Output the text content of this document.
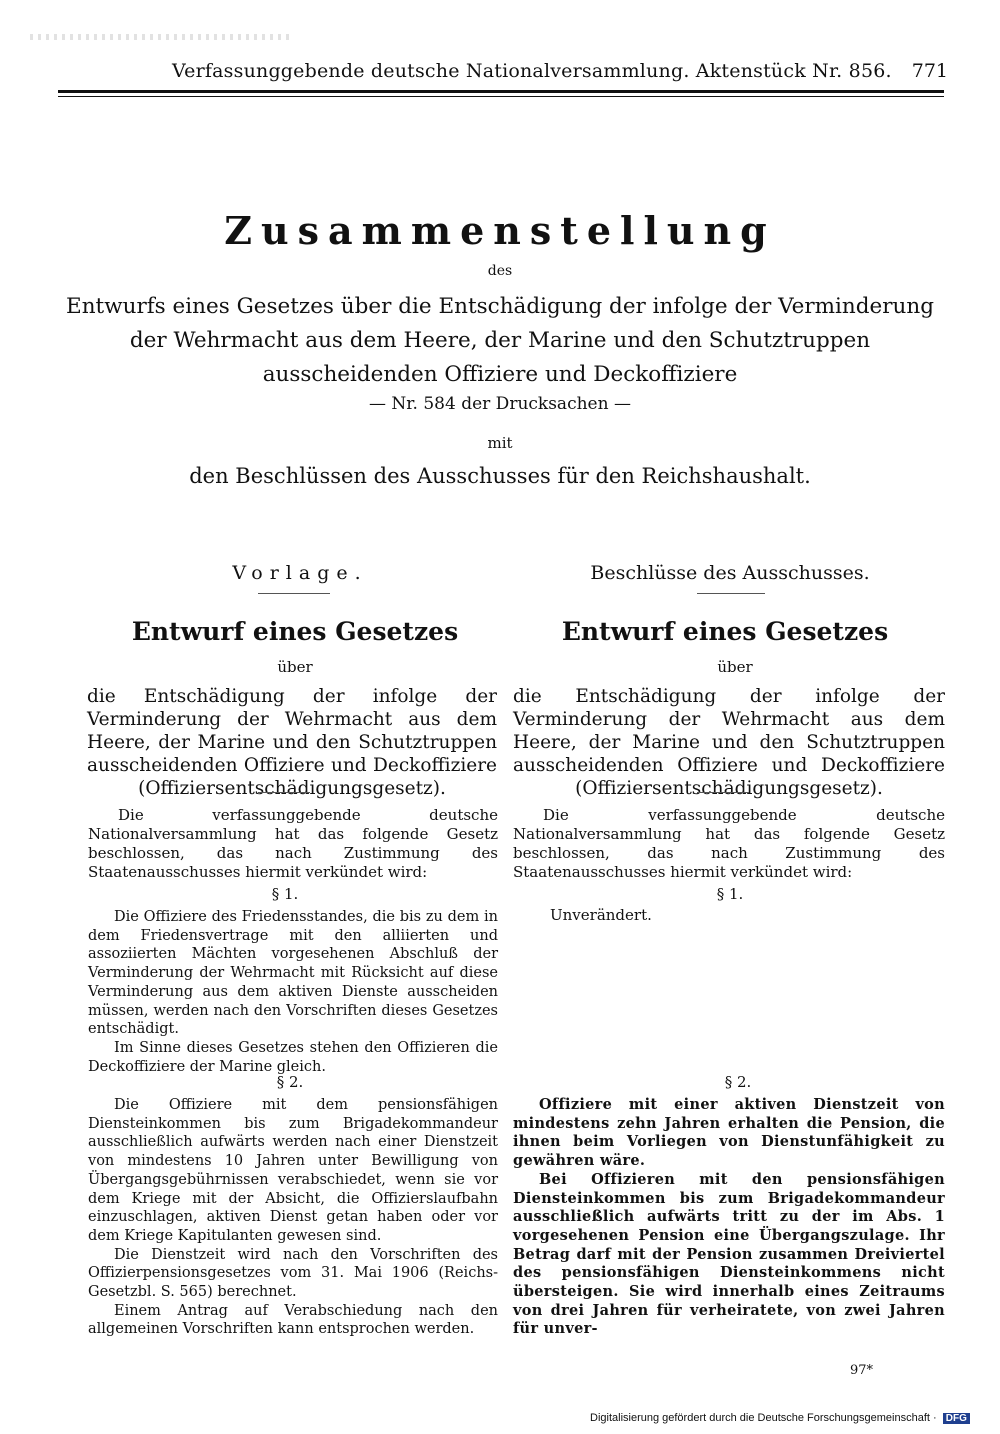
Verfassunggebende deutsche Nationalversammlung. Aktenstück Nr. 856.	771
Zusammenstellung
des
Entwurfs eines Gesetzes über die Entschädigung der infolge der Verminderung der Wehrmacht aus dem Heere, der Marine und den Schutztruppen ausscheidenden Offiziere und Deckoffiziere
— Nr. 584 der Drucksachen —
mit
den Beschlüssen des Ausschusses für den Reichshaushalt.
Vorlage.
Entwurf eines Gesetzes
über
die Entschädigung der infolge der Verminderung der Wehrmacht aus dem Heere, der Marine und den Schutztruppen ausscheidenden Offiziere und Deckoffiziere (Offiziersentschädigungsgesetz).
Die verfassunggebende deutsche Nationalversammlung hat das folgende Gesetz beschlossen, das nach Zustimmung des Staatenausschusses hiermit verkündet wird:
§ 1.

Die Offiziere des Friedensstandes, die bis zu dem in dem Friedensvertrage mit den alliierten und assoziierten Mächten vorgesehenen Abschluß der Verminderung der Wehrmacht mit Rücksicht auf diese Verminderung aus dem aktiven Dienste ausscheiden müssen, werden nach den Vorschriften dieses Gesetzes entschädigt.

Im Sinne dieses Gesetzes stehen den Offizieren die Deckoffiziere der Marine gleich.

§ 2.

Die Offiziere mit dem pensionsfähigen Diensteinkommen bis zum Brigadekommandeur ausschließlich aufwärts werden nach einer Dienstzeit von mindestens 10 Jahren unter Bewilligung von Übergangsgebührnissen verabschiedet, wenn sie vor dem Kriege mit der Absicht, die Offizierslaufbahn einzuschlagen, aktiven Dienst getan haben oder vor dem Kriege Kapitulanten gewesen sind.

Die Dienstzeit wird nach den Vorschriften des Offizierpensionsgesetzes vom 31. Mai 1906 (Reichs-Gesetzbl. S. 565) berechnet.

Einem Antrag auf Verabschiedung nach den allgemeinen Vorschriften kann entsprochen werden.

Beschlüsse des Ausschusses.
Entwurf eines Gesetzes
über
die Entschädigung der infolge der Verminderung der Wehrmacht aus dem Heere, der Marine und den Schutztruppen ausscheidenden Offiziere und Deckoffiziere (Offiziersentschädigungsgesetz).
Die verfassunggebende deutsche Nationalversammlung hat das folgende Gesetz beschlossen, das nach Zustimmung des Staatenausschusses hiermit verkündet wird:
§ 1.
Unverändert.
§ 2.

Offiziere mit einer aktiven Dienstzeit von mindestens zehn Jahren erhalten die Pension, die ihnen beim Vorliegen von Dienstunfähigkeit zu gewähren wäre.

Bei Offizieren mit den pensionsfähigen Diensteinkommen bis zum Brigadekommandeur ausschließlich aufwärts tritt zu der im Abs. 1 vorgesehenen Pension eine Übergangszulage. Ihr Betrag darf mit der Pension zusammen Dreiviertel des pensionsfähigen Diensteinkommens nicht übersteigen. Sie wird innerhalb eines Zeitraums von drei Jahren für verheiratete, von zwei Jahren für unver-

97*
Digitalisierung gefördert durch die Deutsche Forschungsgemeinschaft · DFG
